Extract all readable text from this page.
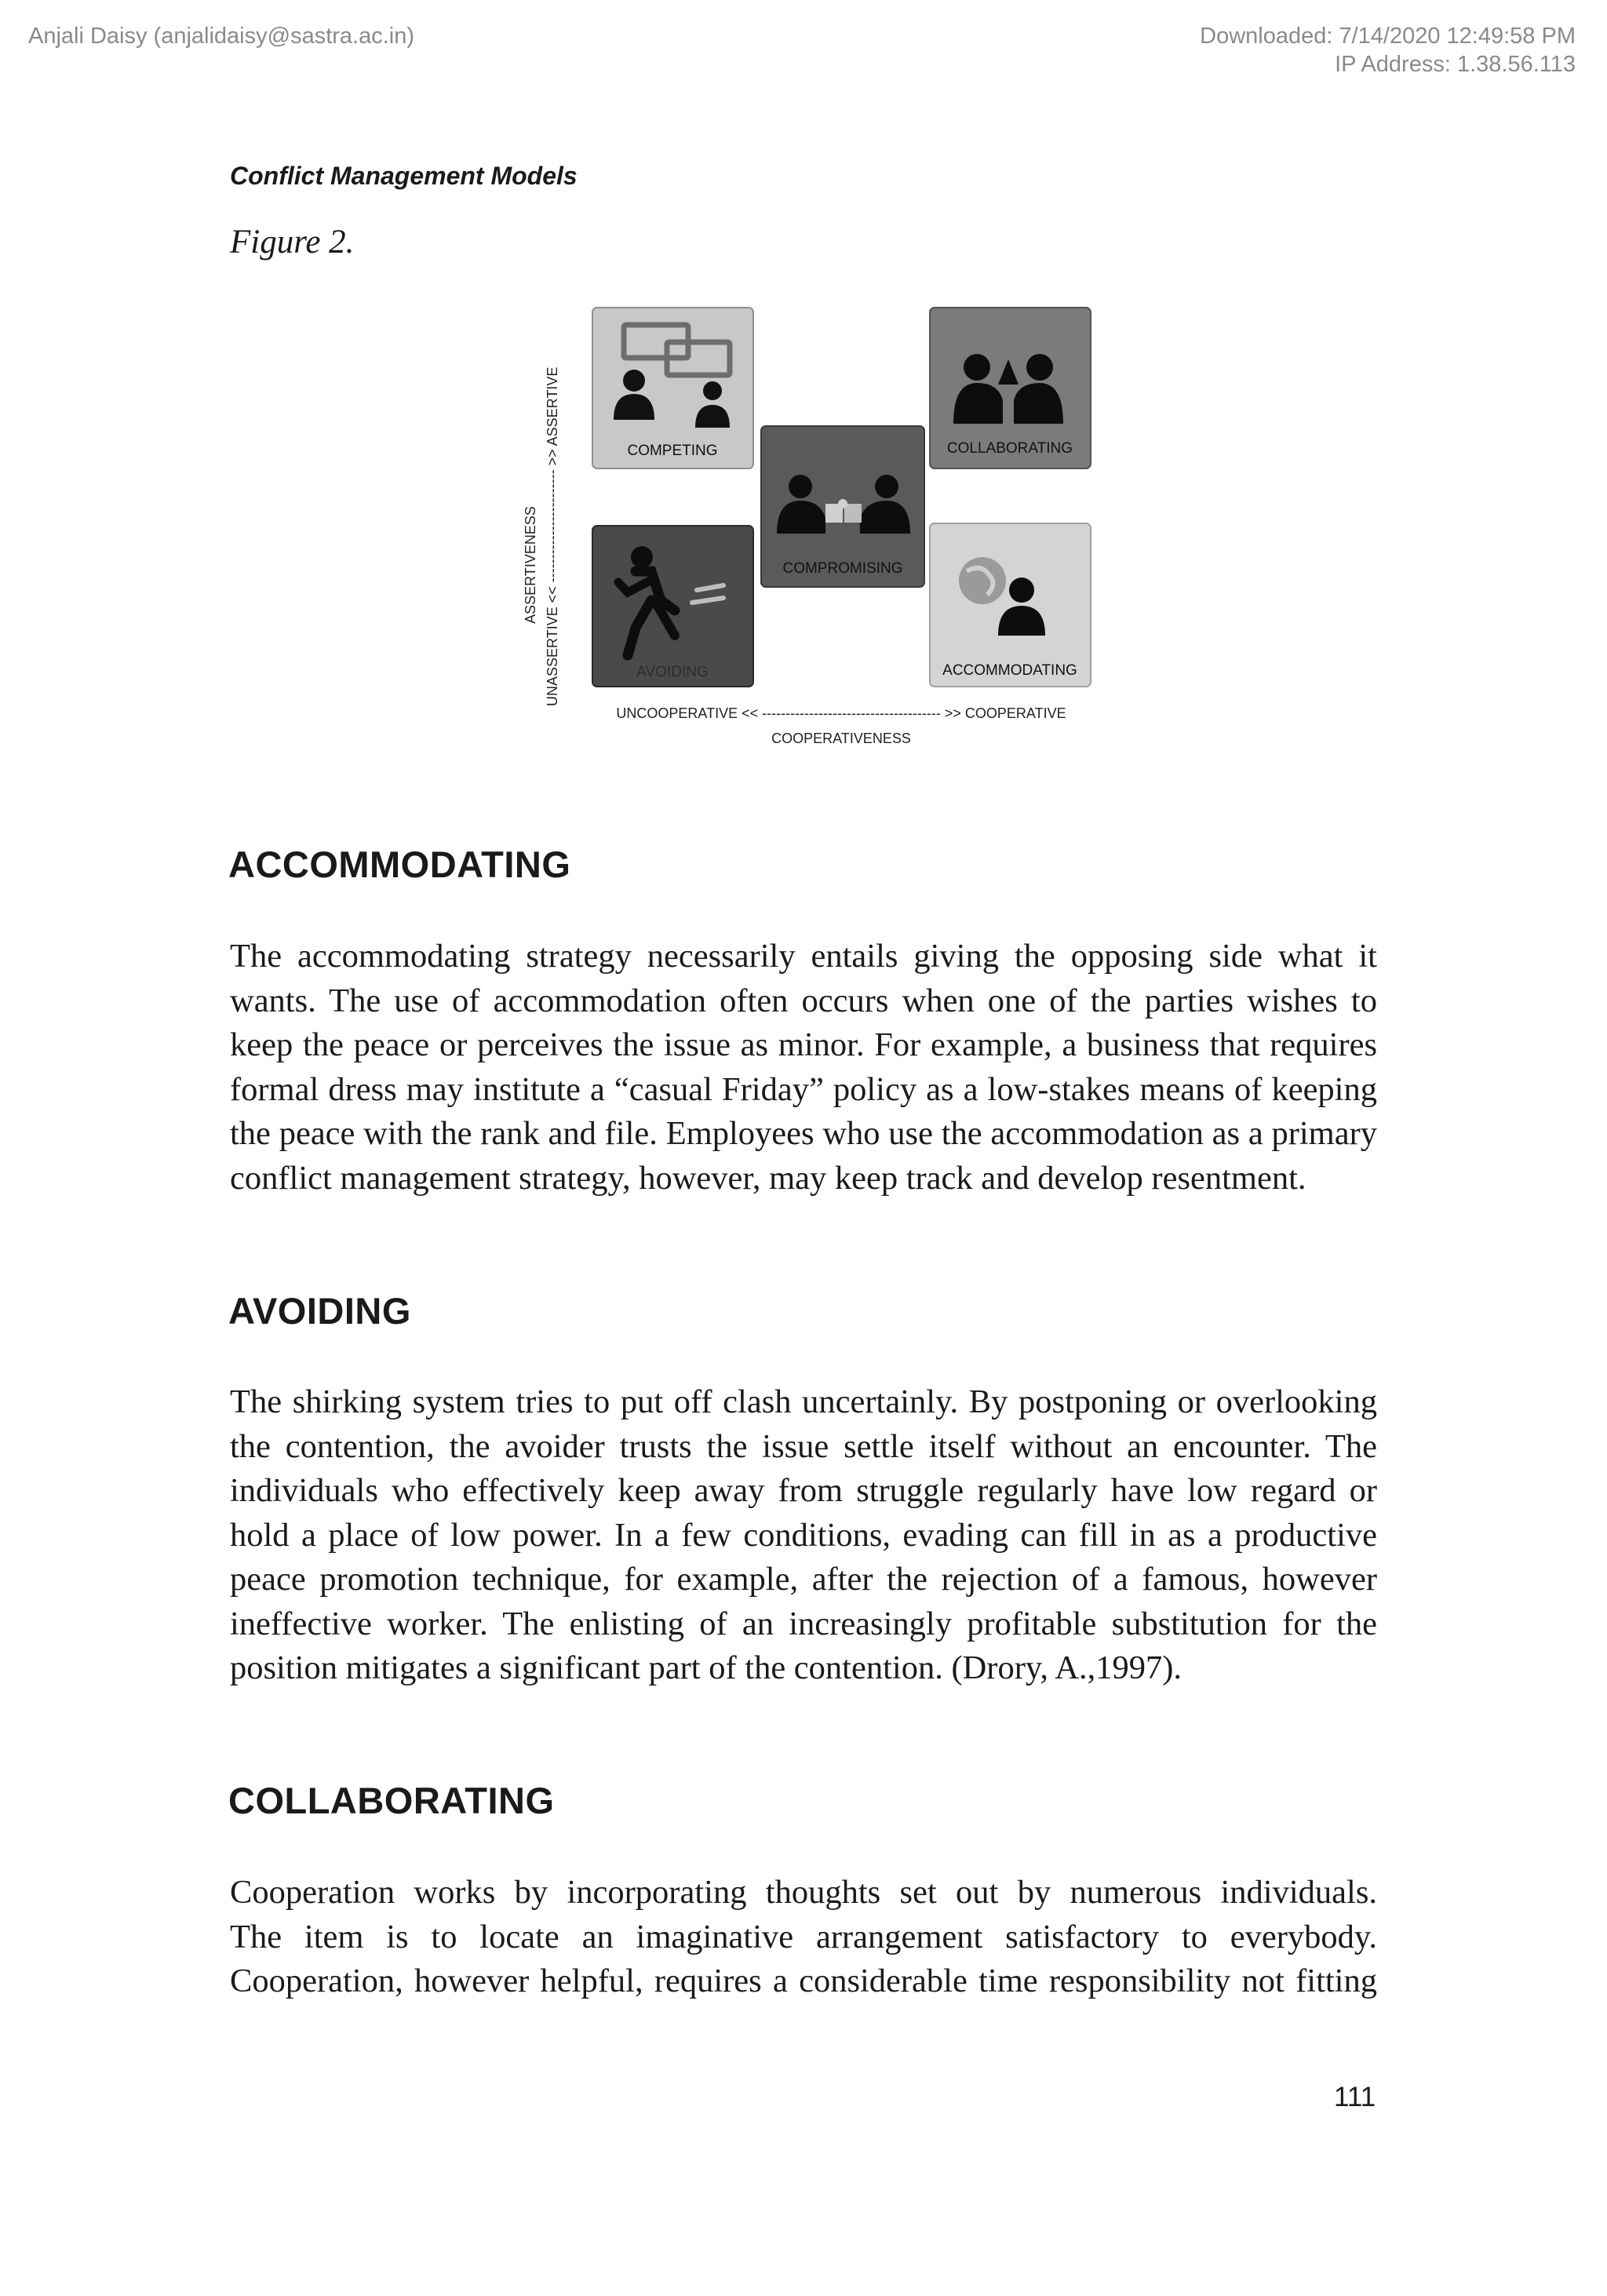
Anjali Daisy (anjalidaisy@sastra.ac.in)	Downloaded: 7/14/2020 12:49:58 PM
IP Address: 1.38.56.113
Conflict Management Models
Figure 2.
UNASSERTIVE << ------------------------ >> ASSERTIVE
ASSERTIVENESS
COMPETING	COLLABORATING
COMPROMISING
AVOIDING	ACCOMMODATING
UNCOOPERATIVE << -------------------------------------- >> COOPERATIVE
COOPERATIVENESS
ACCOMMODATING
The accommodating strategy necessarily entails giving the opposing side what it
wants. The use of accommodation often occurs when one of the parties wishes to
keep the peace or perceives the issue as minor. For example, a business that requires
formal dress may institute a “casual Friday” policy as a low-stakes means of keeping
the peace with the rank and file. Employees who use the accommodation as a primary
conflict management strategy, however, may keep track and develop resentment.
AVOIDING
The shirking system tries to put off clash uncertainly. By postponing or overlooking
the contention, the avoider trusts the issue settle itself without an encounter. The
individuals who effectively keep away from struggle regularly have low regard or
hold a place of low power. In a few conditions, evading can fill in as a productive
peace promotion technique, for example, after the rejection of a famous, however
ineffective worker. The enlisting of an increasingly profitable substitution for the
position mitigates a significant part of the contention. (Drory, A.,1997).
COLLABORATING
Cooperation works by incorporating thoughts set out by numerous individuals.
The item is to locate an imaginative arrangement satisfactory to everybody.
Cooperation, however helpful, requires a considerable time responsibility not fitting
111
